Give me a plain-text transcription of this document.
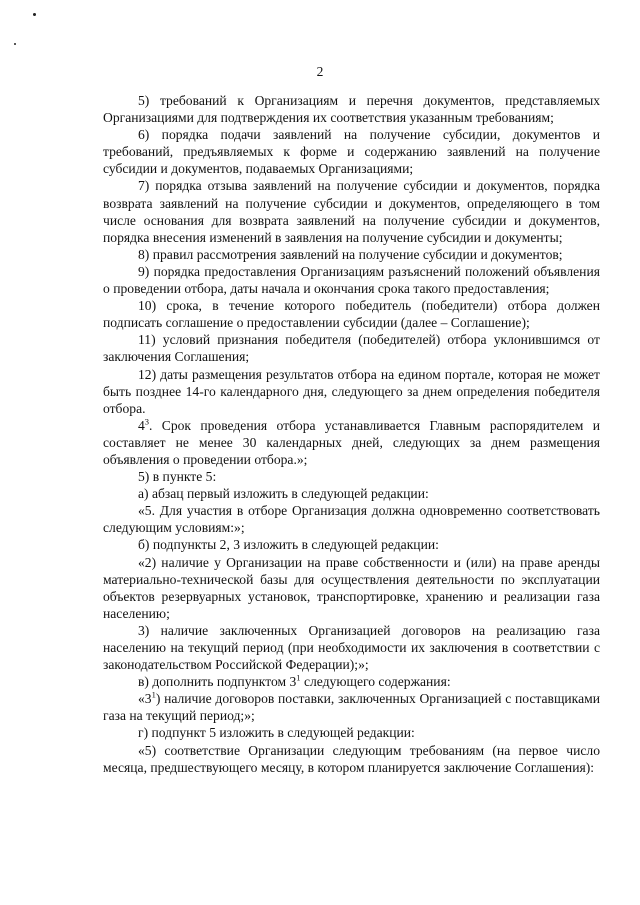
2

5) требований к Организациям и перечня документов, представляемых Организациями для подтверждения их соответствия указанным требованиям;

6) порядка подачи заявлений на получение субсидии, документов и требований, предъявляемых к форме и содержанию заявлений на получение субсидии и документов, подаваемых Организациями;

7) порядка отзыва заявлений на получение субсидии и документов, порядка возврата заявлений на получение субсидии и документов, определяющего в том числе основания для возврата заявлений на получение субсидии и документов, порядка внесения изменений в заявления на получение субсидии и документы;

8) правил рассмотрения заявлений на получение субсидии и документов;

9) порядка предоставления Организациям разъяснений положений объявления о проведении отбора, даты начала и окончания срока такого предоставления;

10) срока, в течение которого победитель (победители) отбора должен подписать соглашение о предоставлении субсидии (далее – Соглашение);

11) условий признания победителя (победителей) отбора уклонившимся от заключения Соглашения;

12) даты размещения результатов отбора на едином портале, которая не может быть позднее 14-го календарного дня, следующего за днем определения победителя отбора.

$4^3$. Срок проведения отбора устанавливается Главным распорядителем и составляет не менее 30 календарных дней, следующих за днем размещения объявления о проведении отбора.»;

5) в пункте 5:

а) абзац первый изложить в следующей редакции:

«5. Для участия в отборе Организация должна одновременно соответствовать следующим условиям:»;

б) подпункты 2, 3 изложить в следующей редакции:

«2) наличие у Организации на праве собственности и (или) на праве аренды материально-технической базы для осуществления деятельности по эксплуатации объектов резервуарных установок, транспортировке, хранению и реализации газа населению;

3) наличие заключенных Организацией договоров на реализацию газа населению на текущий период (при необходимости их заключения в соответствии с законодательством Российской Федерации);»;

в) дополнить подпунктом $3^1$ следующего содержания:

«$3^1$) наличие договоров поставки, заключенных Организацией с поставщиками газа на текущий период;»;

г) подпункт 5 изложить в следующей редакции:

«5) соответствие Организации следующим требованиям (на первое число месяца, предшествующего месяцу, в котором планируется заключение Соглашения):
